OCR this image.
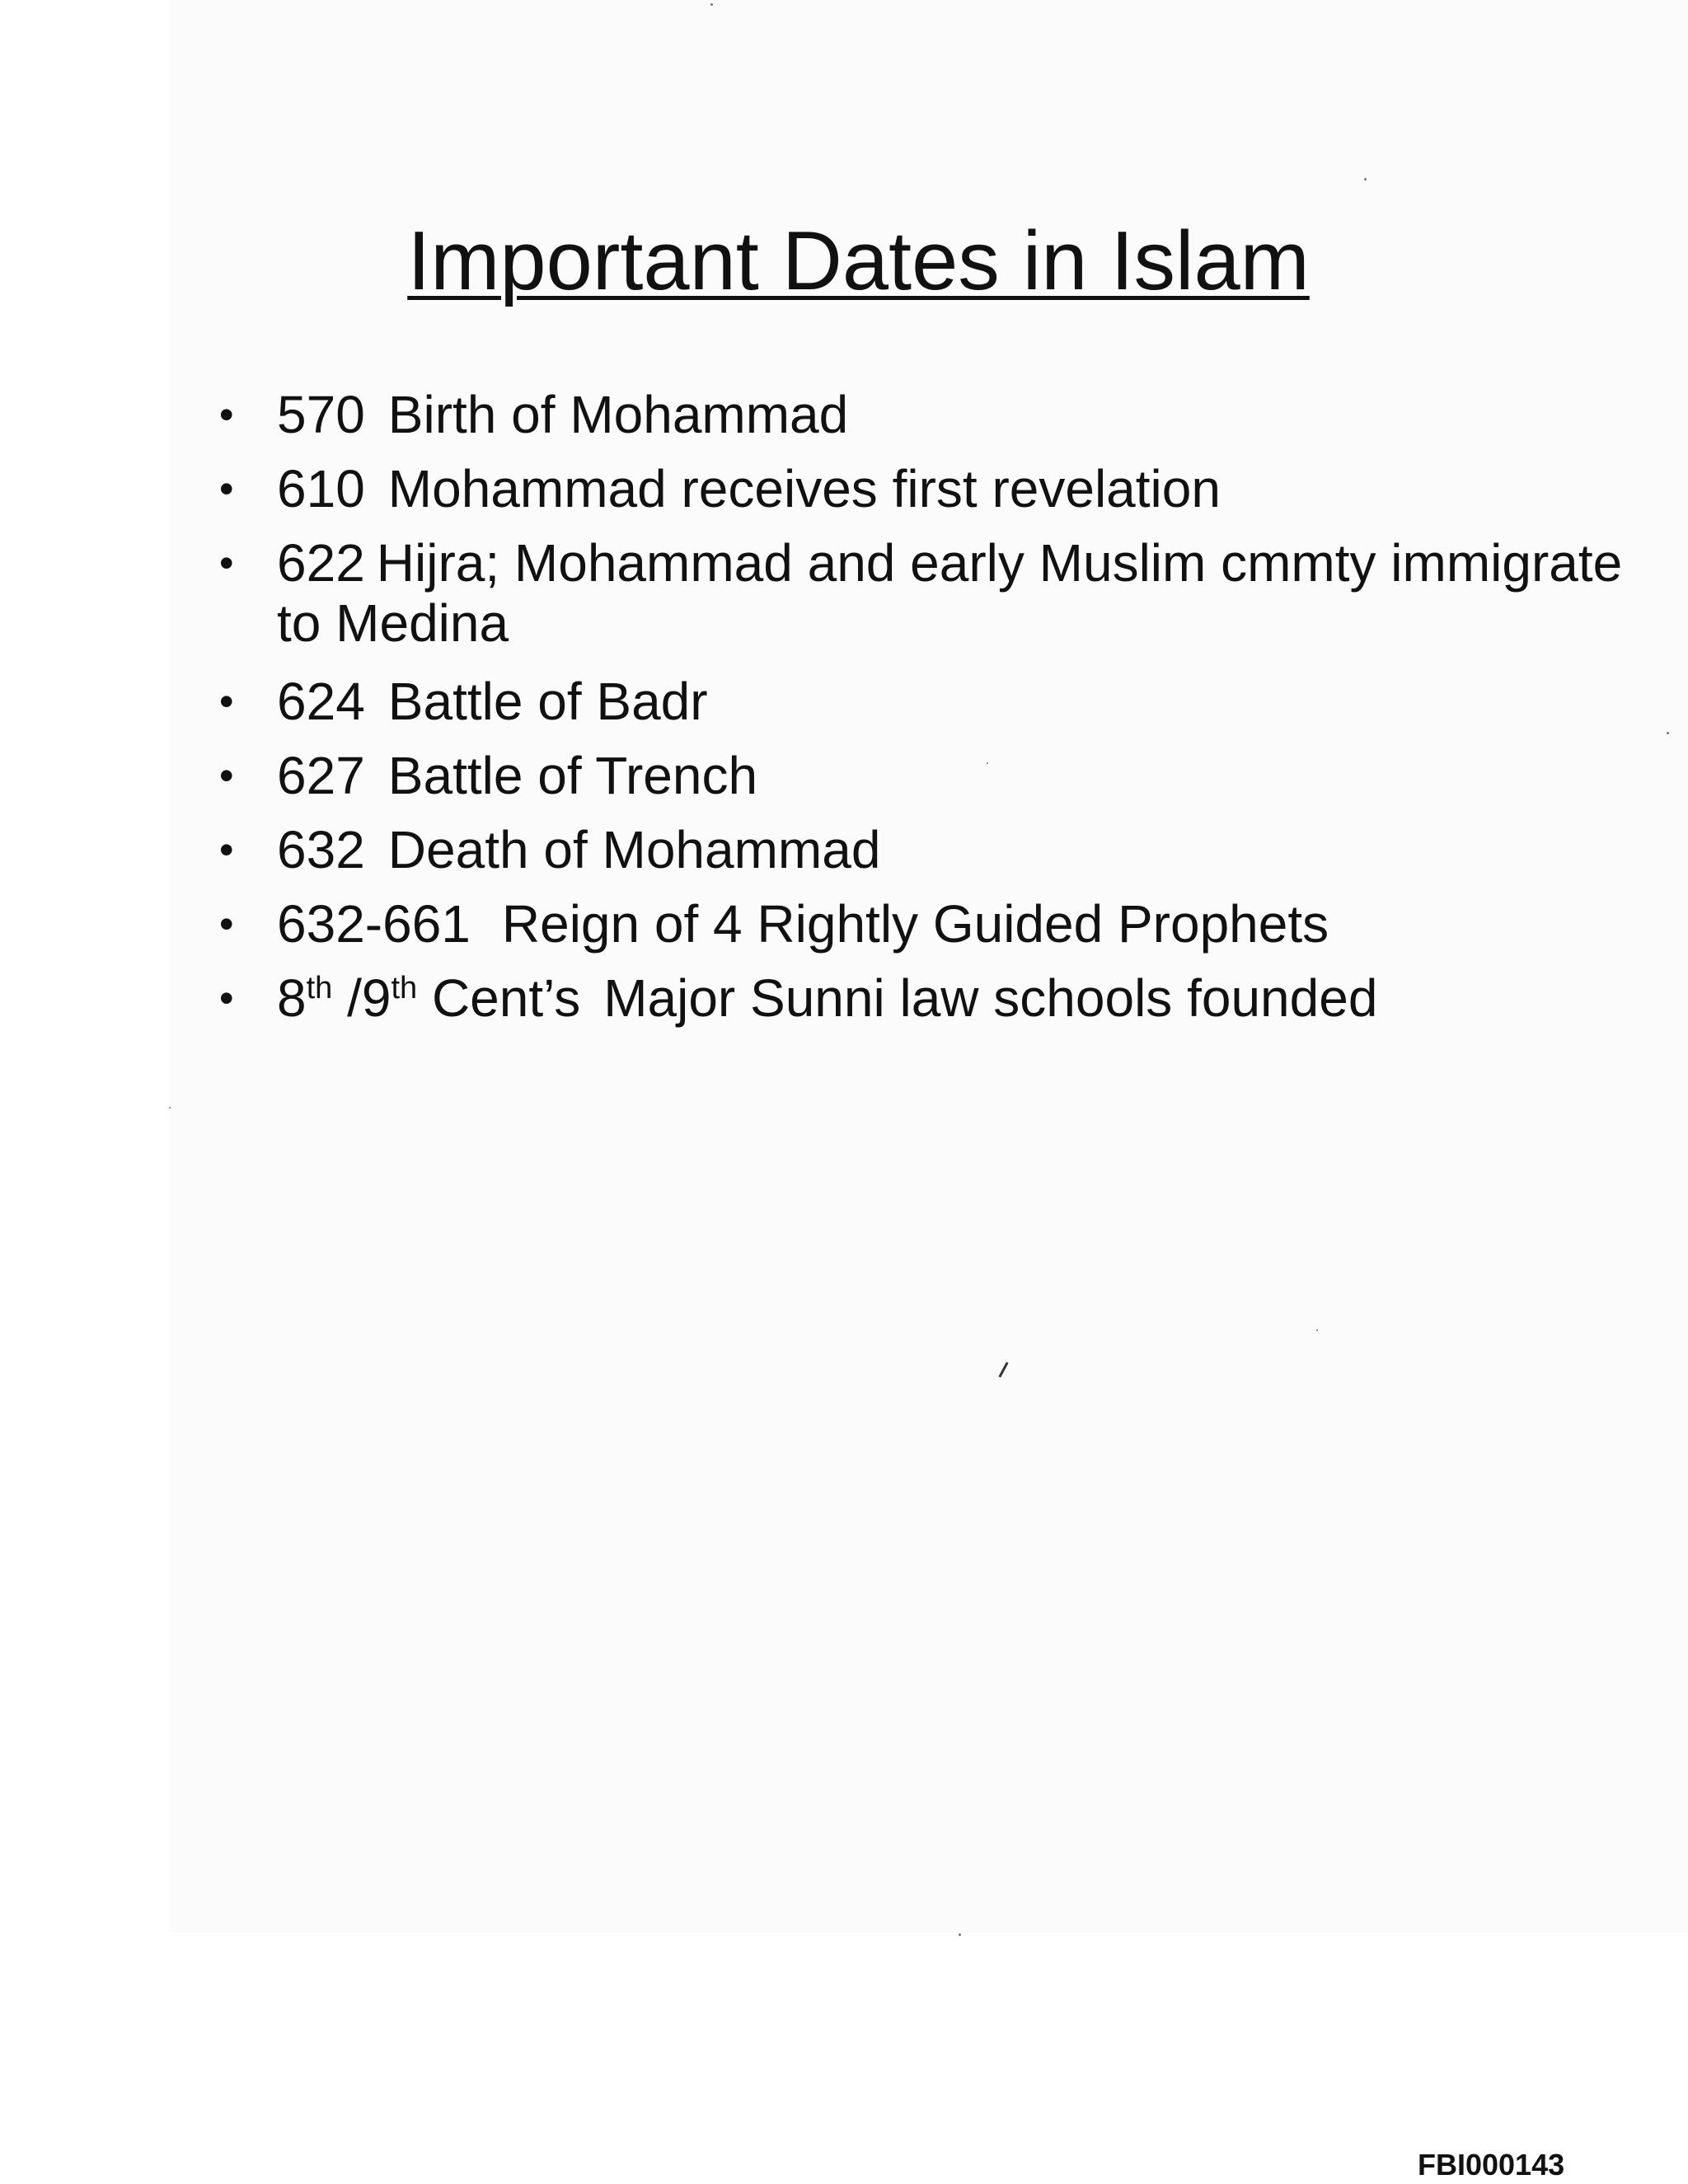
Important Dates in Islam
• 570 Birth of Mohammad
• 610 Mohammad receives first revelation
• 622 Hijra; Mohammad and early Muslim cmmty immigrate to Medina
• 624 Battle of Badr
• 627 Battle of Trench
• 632 Death of Mohammad
• 632-661 Reign of 4 Rightly Guided Prophets
• 8th /9th Cent’s Major Sunni law schools founded
FBI000143
